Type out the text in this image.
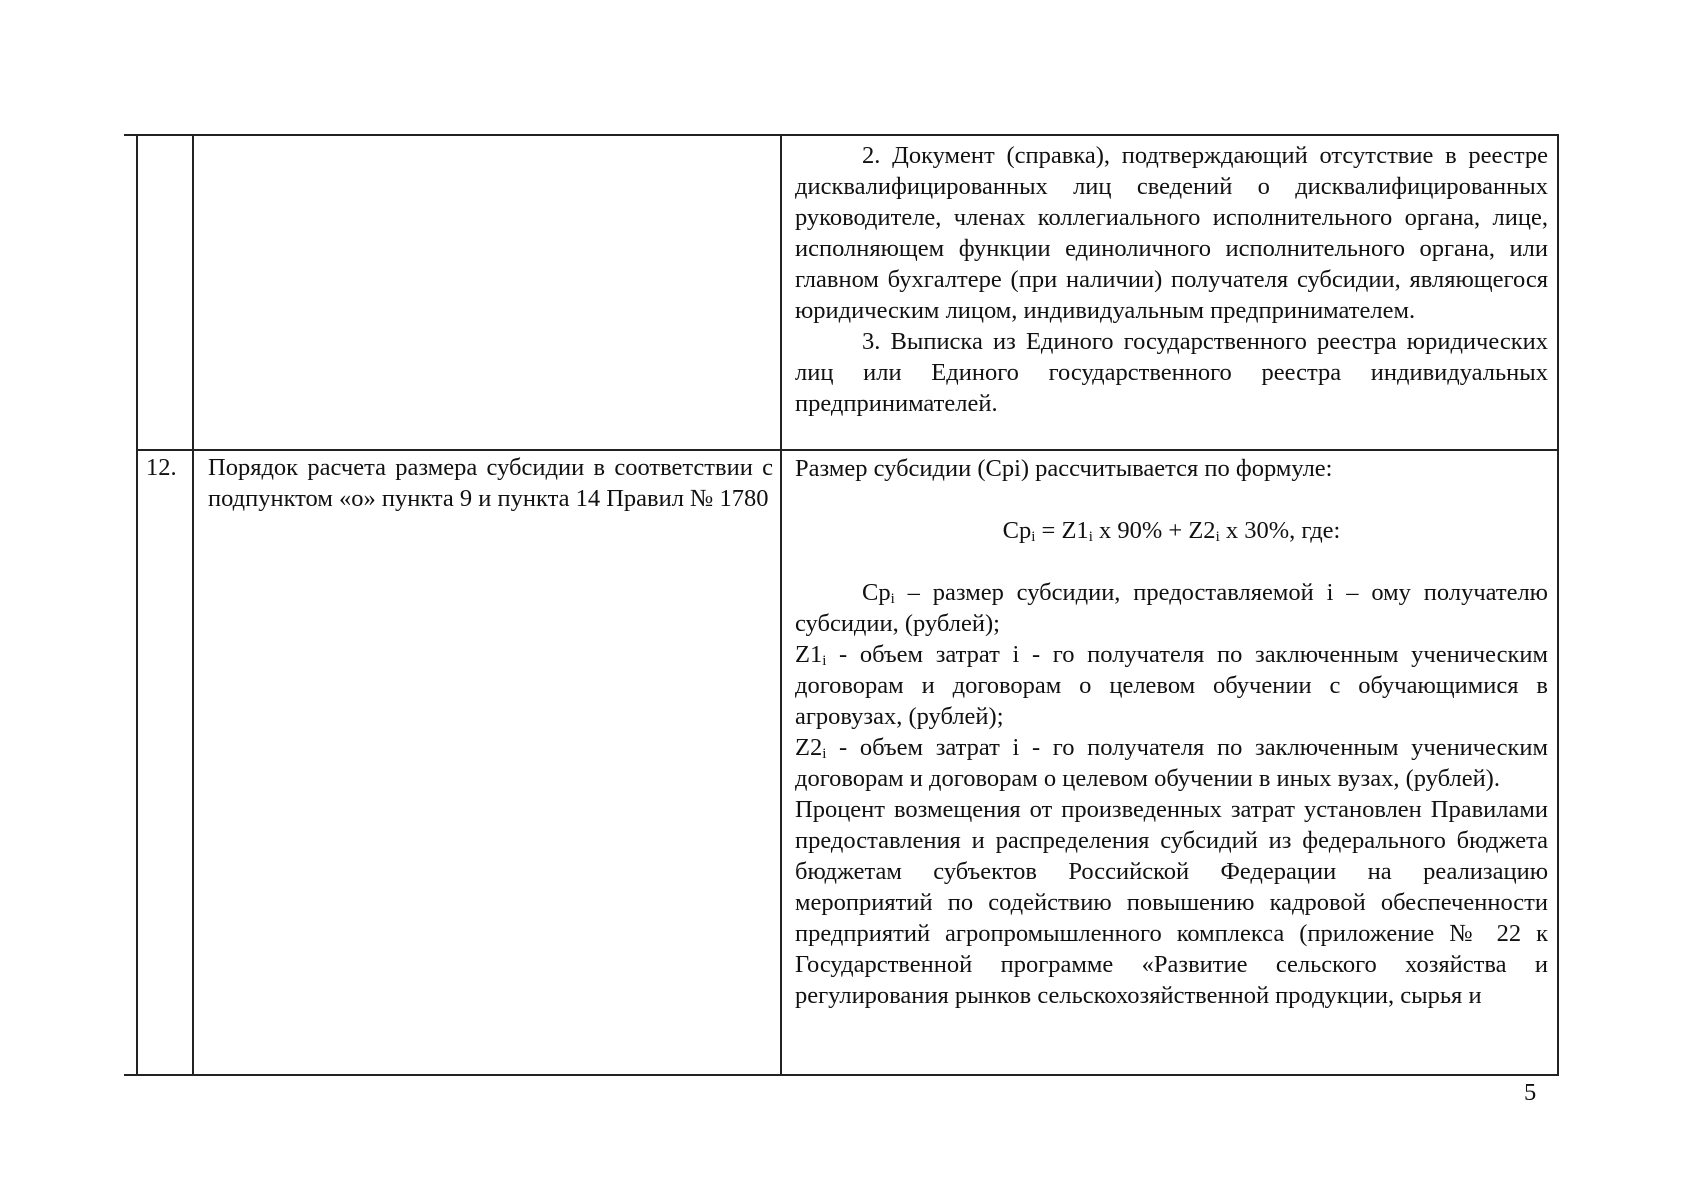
2. Документ (справка), подтверждающий отсутствие в реестре дисквалифицированных лиц сведений о дисквалифицированных руководителе, членах коллегиального исполнительного органа, лице, исполняющем функции единоличного исполнительного органа, или главном бухгалтере (при наличии) получателя субсидии, являющегося юридическим лицом, индивидуальным предпринимателем.

3. Выписка из Единого государственного реестра юридических лиц или Единого государственного реестра индивидуальных предпринимателей.

12.	Порядок расчета размера субсидии в соответствии с подпунктом «о» пункта 9 и пункта 14 Правил № 1780

Размер субсидии (Срi) рассчитывается по формуле:

$Ср_i = Z1_i$ x $90\% + Z2_i$ x 30%, где:

$Ср_i$ – размер субсидии, предоставляемой i – ому получателю субсидии, (рублей);

$Z1_i$ - объем затрат i - го получателя по заключенным ученическим договорам и договорам о целевом обучении с обучающимися в агровузах, (рублей);

$Z2_i$ - объем затрат i - го получателя по заключенным ученическим договорам и договорам о целевом обучении в иных вузах, (рублей).

Процент возмещения от произведенных затрат установлен Правилами предоставления и распределения субсидий из федерального бюджета бюджетам субъектов Российской Федерации на реализацию мероприятий по содействию повышению кадровой обеспеченности предприятий агропромышленного комплекса (приложение № 22 к Государственной программе «Развитие сельского хозяйства и регулирования рынков сельскохозяйственной продукции, сырья и

5
